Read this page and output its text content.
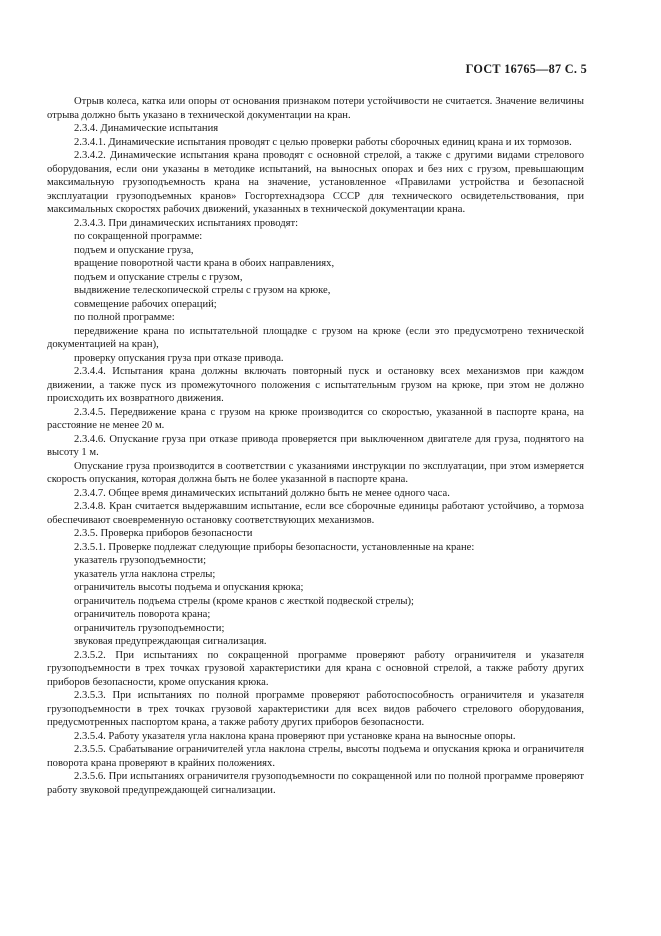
ГОСТ 16765—87 С. 5
Отрыв колеса, катка или опоры от основания признаком потери устойчивости не считается. Значение величины отрыва должно быть указано в технической документации на кран.
2.3.4. Динамические испытания
2.3.4.1. Динамические испытания проводят с целью проверки работы сборочных единиц крана и их тормозов.
2.3.4.2. Динамические испытания крана проводят с основной стрелой, а также с другими видами стрелового оборудования, если они указаны в методике испытаний, на выносных опорах и без них с грузом, превышающим максимальную грузоподъемность крана на значение, установленное «Правилами устройства и безопасной эксплуатации грузоподъемных кранов» Госгортехнадзора СССР для технического освидетельствования, при максимальных скоростях рабочих движений, указанных в технической документации крана.
2.3.4.3. При динамических испытаниях проводят:
по сокращенной программе:
подъем и опускание груза,
вращение поворотной части крана в обоих направлениях,
подъем и опускание стрелы с грузом,
выдвижение телескопической стрелы с грузом на крюке,
совмещение рабочих операций;
по полной программе:
передвижение крана по испытательной площадке с грузом на крюке (если это предусмотрено технической документацией на кран),
проверку опускания груза при отказе привода.
2.3.4.4. Испытания крана должны включать повторный пуск и остановку всех механизмов при каждом движении, а также пуск из промежуточного положения с испытательным грузом на крюке, при этом не должно происходить их возвратного движения.
2.3.4.5. Передвижение крана с грузом на крюке производится со скоростью, указанной в паспорте крана, на расстояние не менее 20 м.
2.3.4.6. Опускание груза при отказе привода проверяется при выключенном двигателе для груза, поднятого на высоту 1 м.
Опускание груза производится в соответствии с указаниями инструкции по эксплуатации, при этом измеряется скорость опускания, которая должна быть не более указанной в паспорте крана.
2.3.4.7. Общее время динамических испытаний должно быть не менее одного часа.
2.3.4.8. Кран считается выдержавшим испытание, если все сборочные единицы работают устойчиво, а тормоза обеспечивают своевременную остановку соответствующих механизмов.
2.3.5. Проверка приборов безопасности
2.3.5.1. Проверке подлежат следующие приборы безопасности, установленные на кране:
указатель грузоподъемности;
указатель угла наклона стрелы;
ограничитель высоты подъема и опускания крюка;
ограничитель подъема стрелы (кроме кранов с жесткой подвеской стрелы);
ограничитель поворота крана;
ограничитель грузоподъемности;
звуковая предупреждающая сигнализация.
2.3.5.2. При испытаниях по сокращенной программе проверяют работу ограничителя и указателя грузоподъемности в трех точках грузовой характеристики для крана с основной стрелой, а также работу других приборов безопасности, кроме опускания крюка.
2.3.5.3. При испытаниях по полной программе проверяют работоспособность ограничителя и указателя грузоподъемности в трех точках грузовой характеристики для всех видов рабочего стрелового оборудования, предусмотренных паспортом крана, а также работу других приборов безопасности.
2.3.5.4. Работу указателя угла наклона крана проверяют при установке крана на выносные опоры.
2.3.5.5. Срабатывание ограничителей угла наклона стрелы, высоты подъема и опускания крюка и ограничителя поворота крана проверяют в крайних положениях.
2.3.5.6. При испытаниях ограничителя грузоподъемности по сокращенной или по полной программе проверяют работу звуковой предупреждающей сигнализации.
